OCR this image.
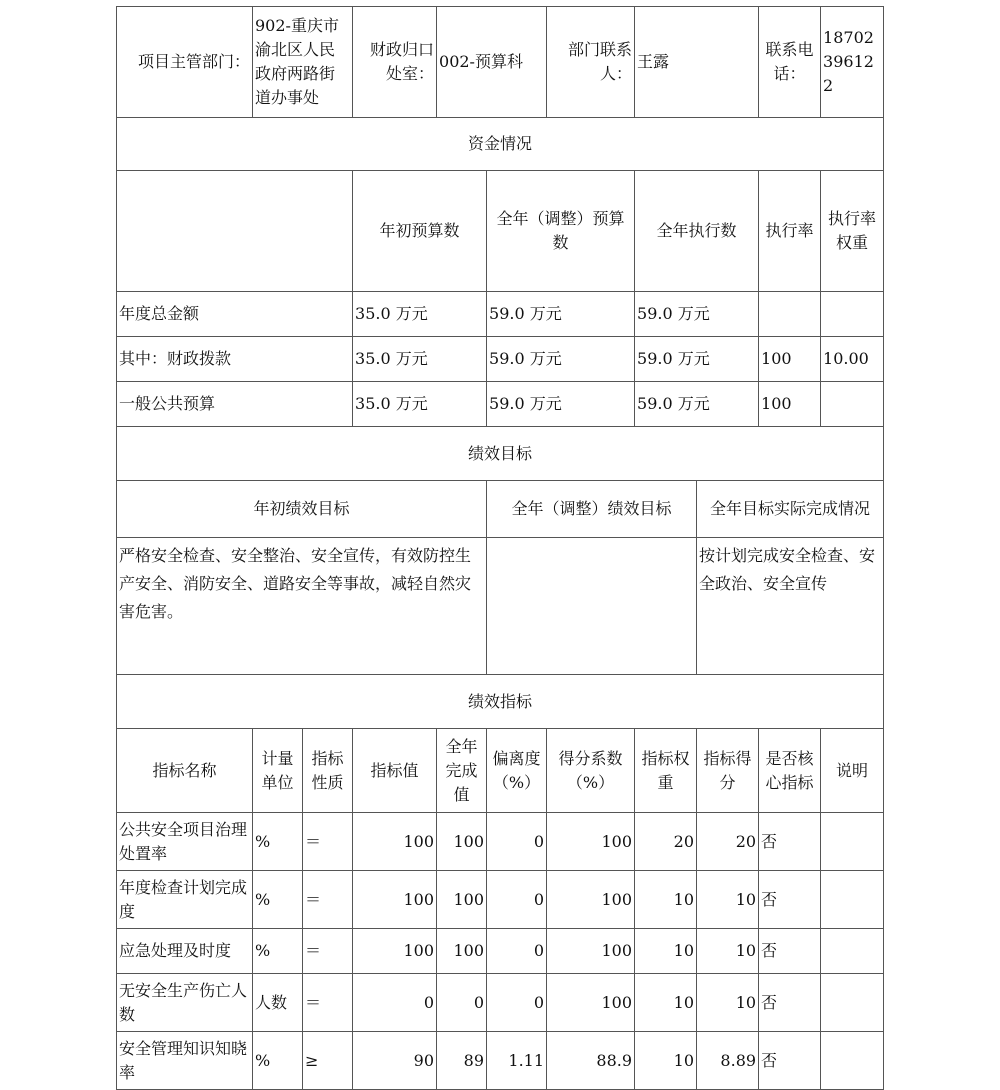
项目主管部门：	902-重庆市渝北区人民政府两路街道办事处		财政归口处室：	002-预算科		部门联系人：	王露		联系电话：	18702396122	
资金情况											
			年初预算数		全年（调整）预算数		全年执行数		执行率	执行率权重	
年度总金额			35.0 万元		59.0 万元		59.0 万元				
其中：财政拨款			35.0 万元		59.0 万元		59.0 万元		100	10.00	
一般公共预算			35.0 万元		59.0 万元		59.0 万元		100		
绩效目标											
年初绩效目标					全年（调整）绩效目标			全年目标实际完成情况			
严格安全检查、安全整治、安全宣传，有效防控生产安全、消防安全、道路安全等事故，减轻自然灾害危害。								按计划完成安全检查、安全政治、安全宣传			
绩效指标											
指标名称	计量单位	指标性质	指标值	全年完成值	偏离度（%）	得分系数（%）	指标权重	指标得分	是否核心指标	说明	
公共安全项目治理处置率	%	＝	100	100	0	100	20	20	否		
年度检查计划完成度	%	＝	100	100	0	100	10	10	否		
应急处理及时度	%	＝	100	100	0	100	10	10	否		
无安全生产伤亡人数	人数	＝	0	0	0	100	10	10	否		
安全管理知识知晓率	%	≥	90	89	1.11	88.9	10	8.89	否		
